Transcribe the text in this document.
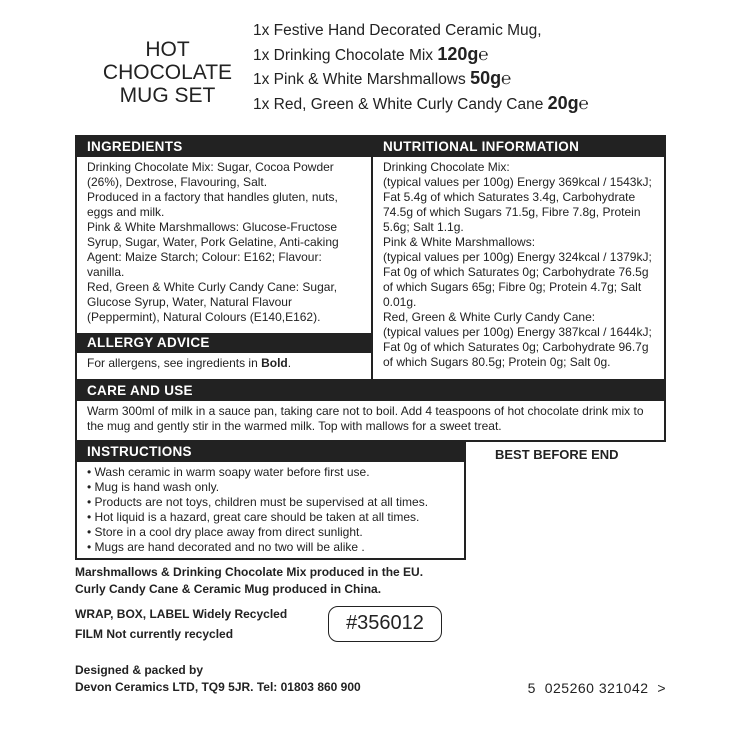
HOT
CHOCOLATE
MUG SET
1x Festive Hand Decorated Ceramic Mug,
1x Drinking Chocolate Mix 120g℮
1x Pink & White Marshmallows 50g℮
1x Red, Green & White Curly Candy Cane 20g℮
INGREDIENTS
Drinking Chocolate Mix: Sugar, Cocoa Powder (26%), Dextrose, Flavouring, Salt.
Produced in a factory that handles gluten, nuts, eggs and milk.
Pink & White Marshmallows: Glucose-Fructose Syrup, Sugar, Water, Pork Gelatine, Anti-caking Agent: Maize Starch; Colour: E162; Flavour: vanilla.
Red, Green & White Curly Candy Cane: Sugar, Glucose Syrup, Water, Natural Flavour (Peppermint), Natural Colours (E140,E162).
ALLERGY ADVICE
For allergens, see ingredients in Bold.
NUTRITIONAL INFORMATION
Drinking Chocolate Mix:
(typical values per 100g) Energy 369kcal / 1543kJ; Fat 5.4g of which Saturates 3.4g, Carbohydrate 74.5g of which Sugars 71.5g, Fibre 7.8g, Protein 5.6g; Salt 1.1g.
Pink & White Marshmallows:
(typical values per 100g) Energy 324kcal / 1379kJ; Fat 0g of which Saturates 0g; Carbohydrate 76.5g of which Sugars 65g; Fibre 0g; Protein 4.7g; Salt 0.01g.
Red, Green & White Curly Candy Cane:
(typical values per 100g) Energy 387kcal / 1644kJ; Fat 0g of which Saturates 0g; Carbohydrate 96.7g of which Sugars 80.5g; Protein 0g; Salt 0g.
CARE AND USE
Warm 300ml of milk in a sauce pan, taking care not to boil. Add 4 teaspoons of hot chocolate drink mix to the mug and gently stir in the warmed milk. Top with mallows for a sweet treat.
INSTRUCTIONS
• Wash ceramic in warm soapy water before first use.
• Mug is hand wash only.
• Products are not toys, children must be supervised at all times.
• Hot liquid is a hazard, great care should be taken at all times.
• Store in a cool dry place away from direct sunlight.
• Mugs are hand decorated and no two will be alike .
BEST BEFORE END
Marshmallows & Drinking Chocolate Mix produced in the EU.
Curly Candy Cane & Ceramic Mug produced in China.
WRAP, BOX, LABEL Widely Recycled
FILM Not currently recycled	#356012
Designed & packed by
Devon Ceramics LTD, TQ9 5JR. Tel: 01803 860 900	5  025260 321042  >
